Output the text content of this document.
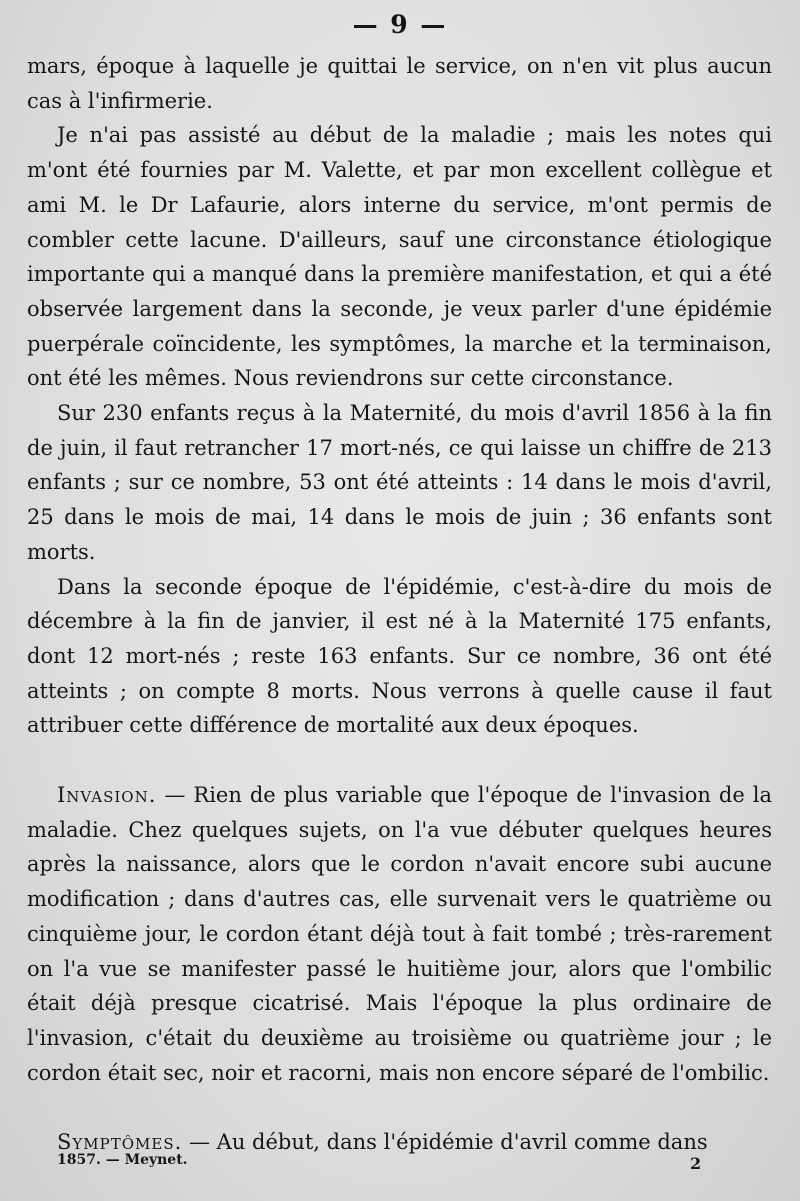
— 9 —

mars, époque à laquelle je quittai le service, on n'en vit plus aucun cas à l'infirmerie.

Je n'ai pas assisté au début de la maladie ; mais les notes qui m'ont été fournies par M. Valette, et par mon excellent collègue et ami M. le Dr Lafaurie, alors interne du service, m'ont permis de combler cette lacune. D'ailleurs, sauf une circonstance étiologique importante qui a manqué dans la première manifestation, et qui a été observée largement dans la seconde, je veux parler d'une épidémie puerpérale coïncidente, les symptômes, la marche et la terminaison, ont été les mêmes. Nous reviendrons sur cette circonstance.

Sur 230 enfants reçus à la Maternité, du mois d'avril 1856 à la fin de juin, il faut retrancher 17 mort-nés, ce qui laisse un chiffre de 213 enfants ; sur ce nombre, 53 ont été atteints : 14 dans le mois d'avril, 25 dans le mois de mai, 14 dans le mois de juin ; 36 enfants sont morts.

Dans la seconde époque de l'épidémie, c'est-à-dire du mois de décembre à la fin de janvier, il est né à la Maternité 175 enfants, dont 12 mort-nés ; reste 163 enfants. Sur ce nombre, 36 ont été atteints ; on compte 8 morts. Nous verrons à quelle cause il faut attribuer cette différence de mortalité aux deux époques.

Invasion. — Rien de plus variable que l'époque de l'invasion de la maladie. Chez quelques sujets, on l'a vue débuter quelques heures après la naissance, alors que le cordon n'avait encore subi aucune modification ; dans d'autres cas, elle survenait vers le quatrième ou cinquième jour, le cordon étant déjà tout à fait tombé ; très-rarement on l'a vue se manifester passé le huitième jour, alors que l'ombilic était déjà presque cicatrisé. Mais l'époque la plus ordinaire de l'invasion, c'était du deuxième au troisième ou quatrième jour ; le cordon était sec, noir et racorni, mais non encore séparé de l'ombilic.

Symptômes. — Au début, dans l'épidémie d'avril comme dans

1857. — Meynet.	2
